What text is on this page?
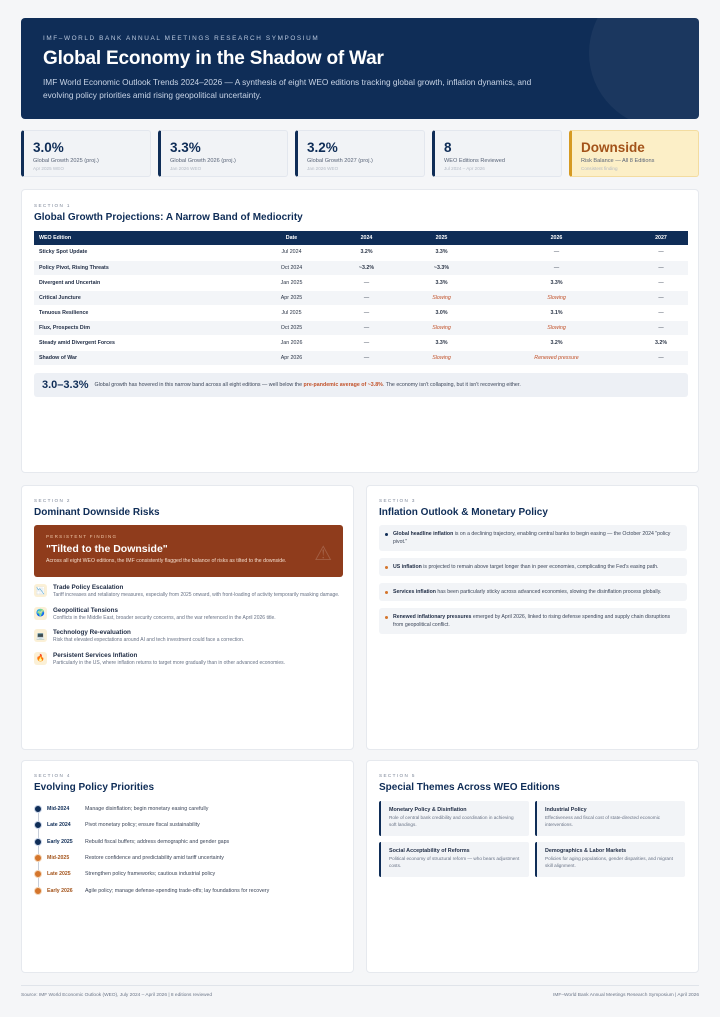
IMF–WORLD BANK ANNUAL MEETINGS RESEARCH SYMPOSIUM
Global Economy in the Shadow of War
IMF World Economic Outlook Trends 2024–2026 — A synthesis of eight WEO editions tracking global growth, inflation dynamics, and evolving policy priorities amid rising geopolitical uncertainty.
3.0%
Global Growth 2025 (proj.)
Apr 2025 WEO
3.3%
Global Growth 2026 (proj.)
Jan 2026 WEO
3.2%
Global Growth 2027 (proj.)
Jan 2026 WEO
8
WEO Editions Reviewed
Jul 2024 – Apr 2026
Downside
Risk Balance — All 8 Editions
Consistent finding
SECTION 1
Global Growth Projections: A Narrow Band of Mediocrity
WEO Edition	Date	2024	2025	2026	2027
Sticky Spot Update	Jul 2024	3.2%	3.3%	—	—
Policy Pivot, Rising Threats	Oct 2024	~3.2%	~3.3%	—	—
Divergent and Uncertain	Jan 2025	—	3.3%	3.3%	—
Critical Juncture	Apr 2025	—	Slowing	Slowing	—
Tenuous Resilience	Jul 2025	—	3.0%	3.1%	—
Flux, Prospects Dim	Oct 2025	—	Slowing	Slowing	—
Steady amid Divergent Forces	Jan 2026	—	3.3%	3.2%	3.2%
Shadow of War	Apr 2026	—	Slowing	Renewed pressure	—
3.0–3.3% Global growth has hovered in this narrow band across all eight editions — well below the pre-pandemic average of ~3.8%. The economy isn't collapsing, but it isn't recovering either.
SECTION 2
Dominant Downside Risks
PERSISTENT FINDING
"Tilted to the Downside"
Across all eight WEO editions, the IMF consistently flagged the balance of risks as tilted to the downside.	⚠
📉	Trade Policy Escalation
Tariff increases and retaliatory measures, especially from 2025 onward, with front-loading of activity temporarily masking damage.
🌍	Geopolitical Tensions
Conflicts in the Middle East, broader security concerns, and the war referenced in the April 2026 title.
💻	Technology Re-evaluation
Risk that elevated expectations around AI and tech investment could face a correction.
🔥	Persistent Services Inflation
Particularly in the US, where inflation returns to target more gradually than in other advanced economies.
SECTION 3
Inflation Outlook & Monetary Policy
Global headline inflation is on a declining trajectory, enabling central banks to begin easing — the October 2024 "policy pivot."
US inflation is projected to remain above target longer than in peer economies, complicating the Fed's easing path.
Services inflation has been particularly sticky across advanced economies, slowing the disinflation process globally.
Renewed inflationary pressures emerged by April 2026, linked to rising defense spending and supply chain disruptions from geopolitical conflict.
SECTION 4
Evolving Policy Priorities
Mid-2024	Manage disinflation; begin monetary easing carefully
Late 2024	Pivot monetary policy; ensure fiscal sustainability
Early 2025	Rebuild fiscal buffers; address demographic and gender gaps
Mid-2025	Restore confidence and predictability amid tariff uncertainty
Late 2025	Strengthen policy frameworks; cautious industrial policy
Early 2026	Agile policy; manage defense-spending trade-offs; lay foundations for recovery
SECTION 5
Special Themes Across WEO Editions
Monetary Policy & Disinflation
Role of central bank credibility and coordination in achieving soft landings.
Industrial Policy
Effectiveness and fiscal cost of state-directed economic interventions.
Social Acceptability of Reforms
Political economy of structural reform — who bears adjustment costs.
Demographics & Labor Markets
Policies for aging populations, gender disparities, and migrant skill alignment.
Source: IMF World Economic Outlook (WEO), July 2024 – April 2026 | 8 editions reviewed	IMF–World Bank Annual Meetings Research Symposium | April 2026
